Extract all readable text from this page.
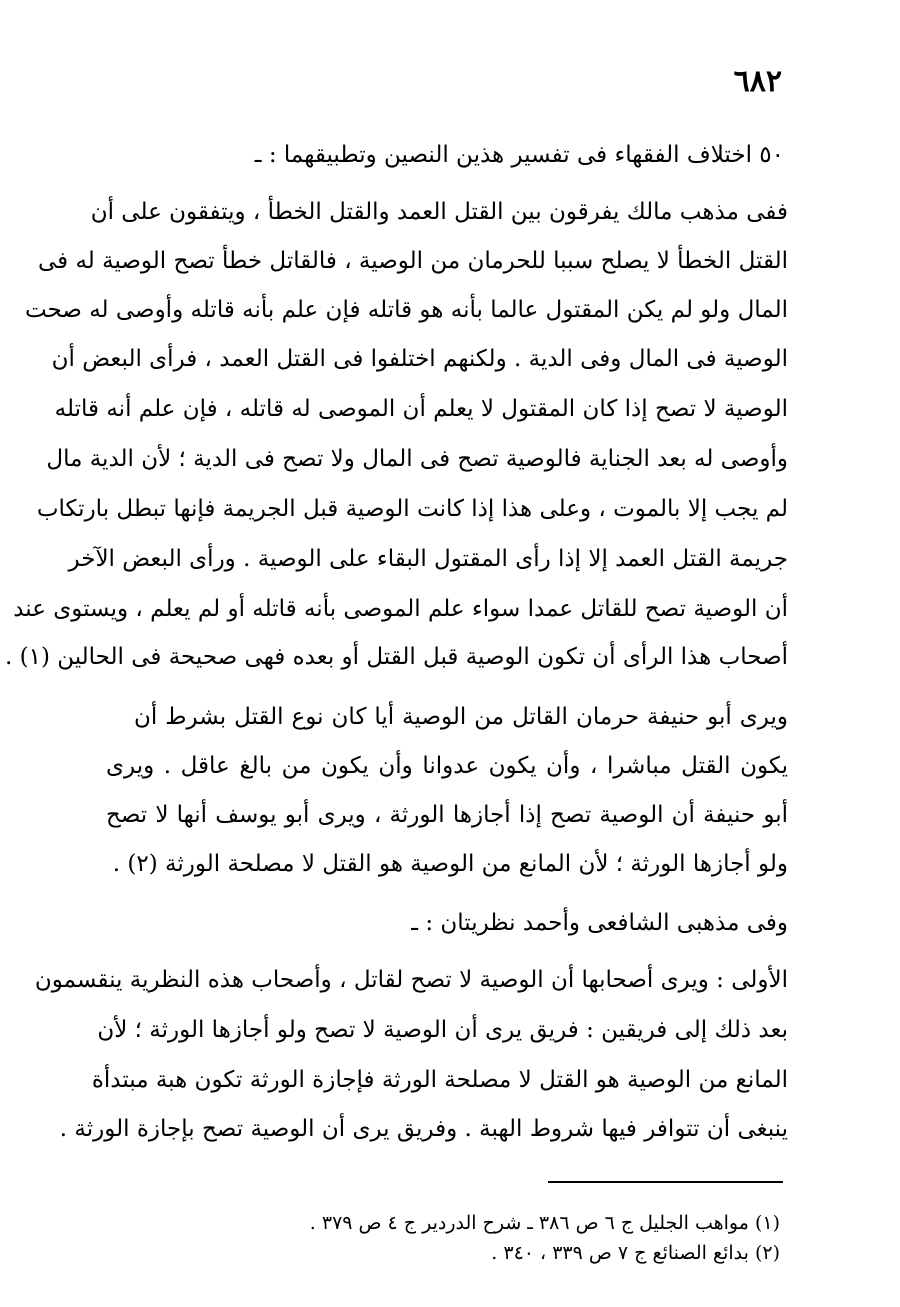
٦٨٢
٥٠ اختلاف الفقهاء فى تفسير هذين النصين وتطبيقهما : ـ
ففى مذهب مالك يفرقون بين القتل العمد والقتل الخطأ ، ويتفقون على أن
القتل الخطأ لا يصلح سببا للحرمان من الوصية ، فالقاتل خطأ تصح الوصية له فى
المال ولو لم يكن المقتول عالما بأنه هو قاتله فإن علم بأنه قاتله وأوصى له صحت
الوصية فى المال وفى الدية . ولكنهم اختلفوا فى القتل العمد ، فرأى البعض أن
الوصية لا تصح إذا كان المقتول لا يعلم أن الموصى له قاتله ، فإن علم أنه قاتله
وأوصى له بعد الجناية فالوصية تصح فى المال ولا تصح فى الدية ؛ لأن الدية مال
لم يجب إلا بالموت ، وعلى هذا إذا كانت الوصية قبل الجريمة فإنها تبطل بارتكاب
جريمة القتل العمد إلا إذا رأى المقتول البقاء على الوصية . ورأى البعض الآخر
أن الوصية تصح للقاتل عمدا سواء علم الموصى بأنه قاتله أو لم يعلم ، ويستوى عند
أصحاب هذا الرأى أن تكون الوصية قبل القتل أو بعده فهى صحيحة فى الحالين (١) .
ويرى أبو حنيفة حرمان القاتل من الوصية أيا كان نوع القتل بشرط أن
يكون القتل مباشرا ، وأن يكون عدوانا وأن يكون من بالغ عاقل . ويرى
أبو حنيفة أن الوصية تصح إذا أجازها الورثة ، ويرى أبو يوسف أنها لا تصح
ولو أجازها الورثة ؛ لأن المانع من الوصية هو القتل لا مصلحة الورثة (٢) .
وفى مذهبى الشافعى وأحمد نظريتان : ـ
الأولى : ويرى أصحابها أن الوصية لا تصح لقاتل ، وأصحاب هذه النظرية ينقسمون
بعد ذلك إلى فريقين : فريق يرى أن الوصية لا تصح ولو أجازها الورثة ؛ لأن
المانع من الوصية هو القتل لا مصلحة الورثة فإجازة الورثة تكون هبة مبتدأة
ينبغى أن تتوافر فيها شروط الهبة . وفريق يرى أن الوصية تصح بإجازة الورثة .
(١) مواهب الجليل ج ٦ ص ٣٨٦ ـ شرح الدردير ج ٤ ص ٣٧٩ .
(٢) بدائع الصنائع ج ٧ ص ٣٣٩ ، ٣٤٠ .
